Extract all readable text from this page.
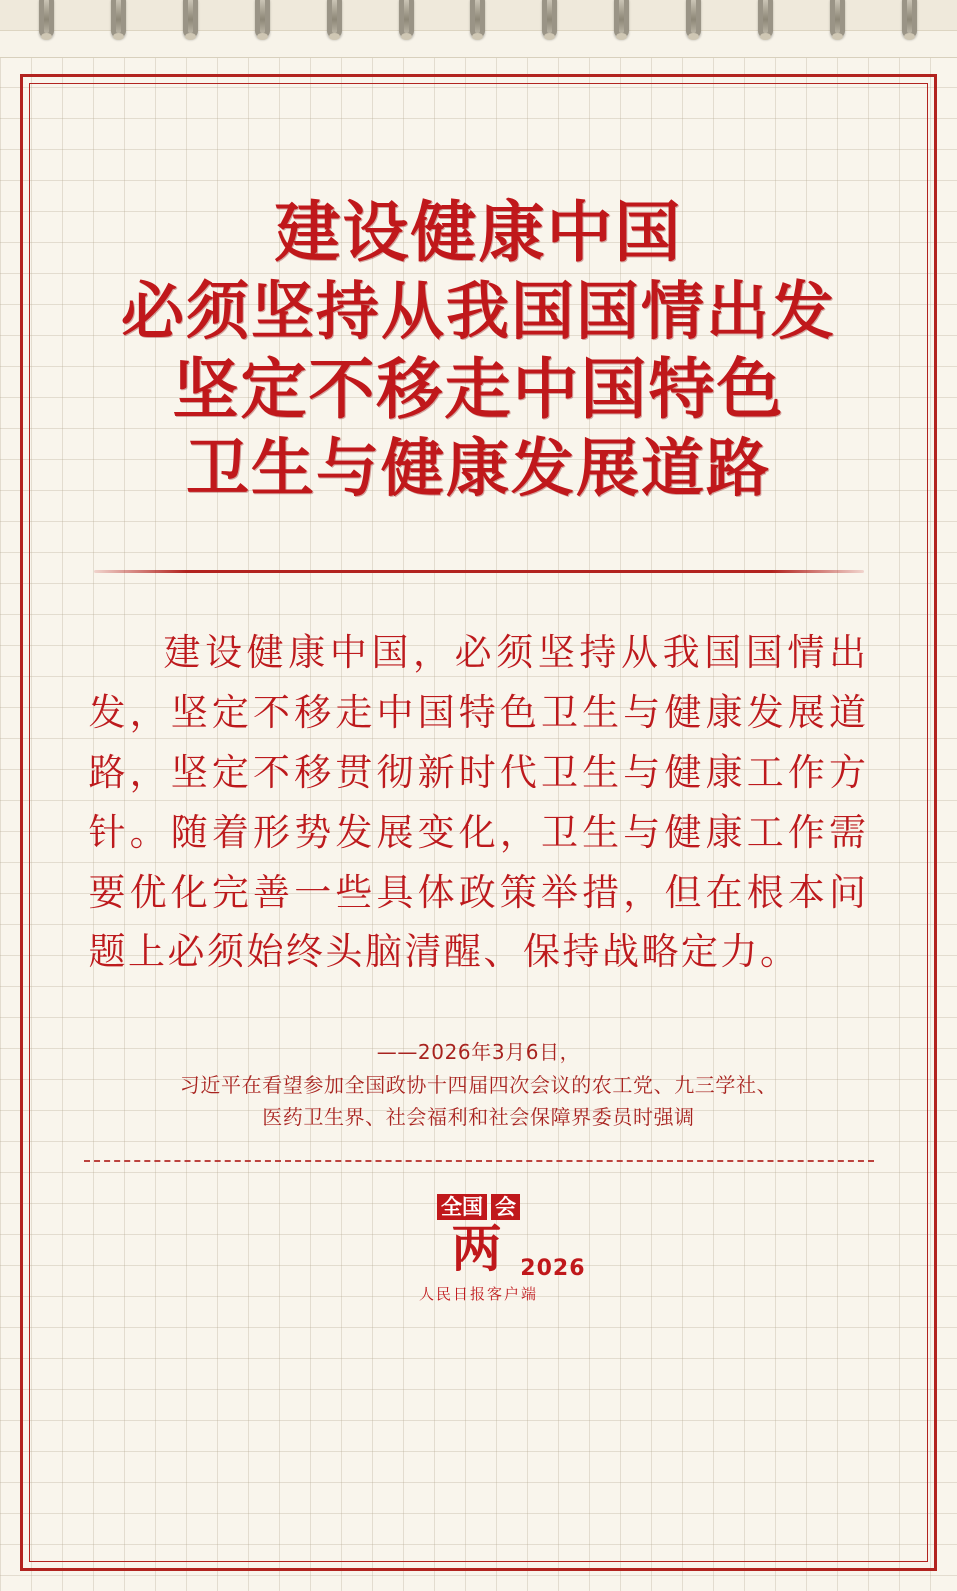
建设健康中国
必须坚持从我国国情出发
坚定不移走中国特色
卫生与健康发展道路
建设健康中国，必须坚持从我国国情出发，坚定不移走中国特色卫生与健康发展道路，坚定不移贯彻新时代卫生与健康工作方针。随着形势发展变化，卫生与健康工作需要优化完善一些具体政策举措，但在根本问题上必须始终头脑清醒、保持战略定力。
——2026年3月6日，
习近平在看望参加全国政协十四届四次会议的农工党、九三学社、
医药卫生界、社会福利和社会保障界委员时强调
全国 会
两 2026
人民日报客户端
